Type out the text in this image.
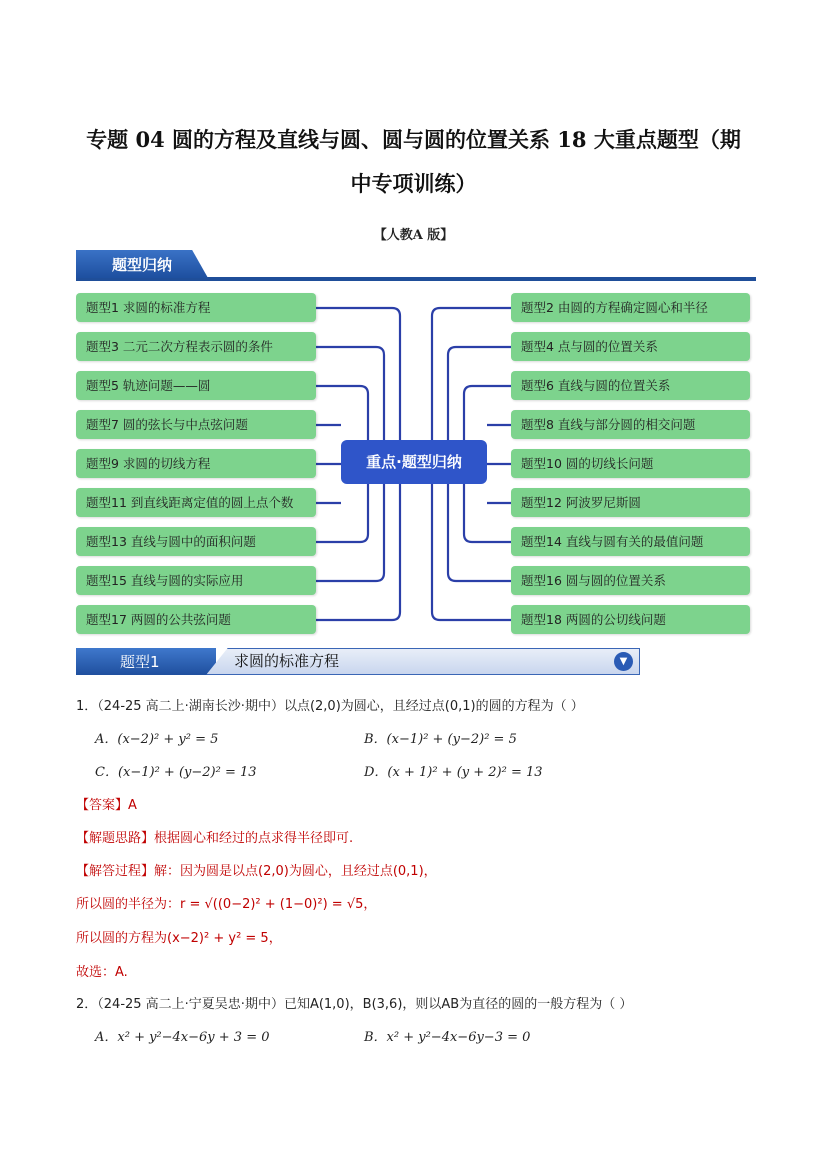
专题 04 圆的方程及直线与圆、圆与圆的位置关系 18 大重点题型（期
中专项训练）
【人教A 版】
题型归纳
题型1 求圆的标准方程
题型3 二元二次方程表示圆的条件
题型5 轨迹问题——圆
题型7 圆的弦长与中点弦问题
题型9 求圆的切线方程
题型11 到直线距离定值的圆上点个数
题型13 直线与圆中的面积问题
题型15 直线与圆的实际应用
题型17 两圆的公共弦问题
题型2 由圆的方程确定圆心和半径
题型4 点与圆的位置关系
题型6 直线与圆的位置关系
题型8 直线与部分圆的相交问题
题型10 圆的切线长问题
题型12 阿波罗尼斯圆
题型14 直线与圆有关的最值问题
题型16 圆与圆的位置关系
题型18 两圆的公切线问题
重点·题型归纳
题型1	求圆的标准方程	▼
1．（24-25 高二上·湖南长沙·期中）以点(2,0)为圆心，且经过点(0,1)的圆的方程为（ ）
A．(x−2)² + y² = 5	B．(x−1)² + (y−2)² = 5
C．(x−1)² + (y−2)² = 13	D．(x + 1)² + (y + 2)² = 13
【答案】A
【解题思路】根据圆心和经过的点求得半径即可.
【解答过程】解：因为圆是以点(2,0)为圆心，且经过点(0,1)，
所以圆的半径为：r = √((0−2)² + (1−0)²) = √5，
所以圆的方程为(x−2)² + y² = 5，
故选：A.
2．（24-25 高二上·宁夏吴忠·期中）已知A(1,0)，B(3,6)，则以AB为直径的圆的一般方程为（ ）
A．x² + y²−4x−6y + 3 = 0	B．x² + y²−4x−6y−3 = 0
